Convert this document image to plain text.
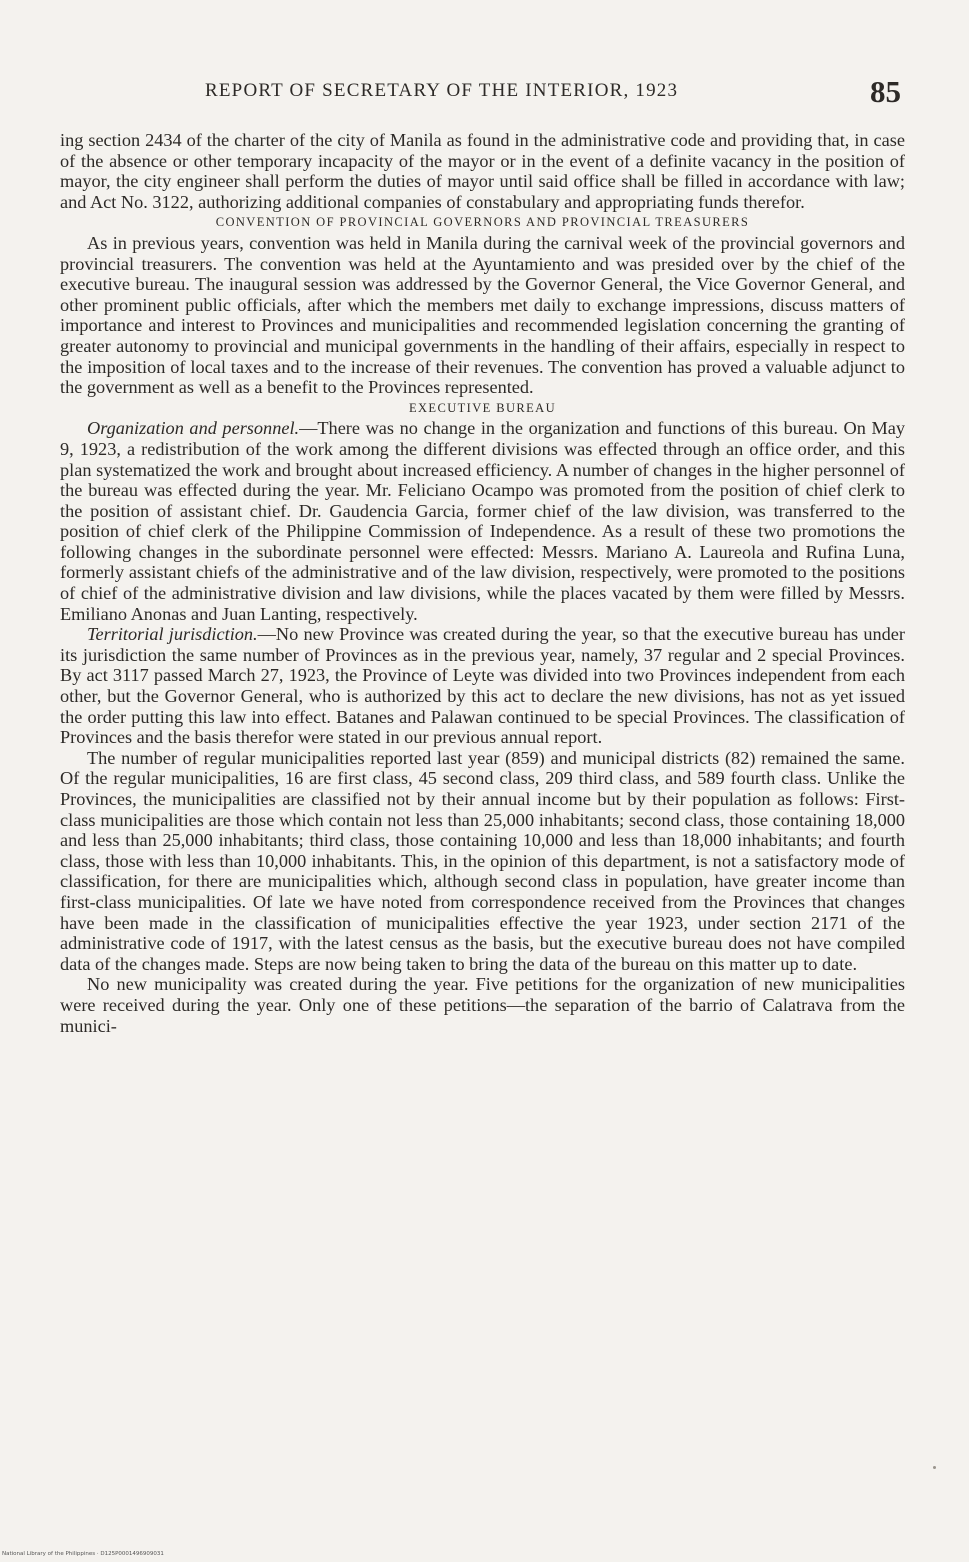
REPORT OF SECRETARY OF THE INTERIOR, 1923	85

ing section 2434 of the charter of the city of Manila as found in the administrative code and providing that, in case of the absence or other temporary incapacity of the mayor or in the event of a definite vacancy in the position of mayor, the city engineer shall perform the duties of mayor until said office shall be filled in accordance with law; and Act No. 3122, authorizing additional companies of constabulary and appropriating funds therefor.

CONVENTION OF PROVINCIAL GOVERNORS AND PROVINCIAL TREASURERS

As in previous years, convention was held in Manila during the carnival week of the provincial governors and provincial treasurers. The convention was held at the Ayuntamiento and was presided over by the chief of the executive bureau. The inaugural session was addressed by the Governor General, the Vice Governor General, and other prominent public officials, after which the members met daily to exchange impressions, discuss matters of importance and interest to Provinces and municipalities and recommended legislation concerning the granting of greater autonomy to provincial and municipal governments in the handling of their affairs, especially in respect to the imposition of local taxes and to the increase of their revenues. The convention has proved a valuable adjunct to the government as well as a benefit to the Provinces represented.

EXECUTIVE BUREAU

Organization and personnel.—There was no change in the organization and functions of this bureau. On May 9, 1923, a redistribution of the work among the different divisions was effected through an office order, and this plan systematized the work and brought about increased efficiency. A number of changes in the higher personnel of the bureau was effected during the year. Mr. Feliciano Ocampo was promoted from the position of chief clerk to the position of assistant chief. Dr. Gaudencia Garcia, former chief of the law division, was transferred to the position of chief clerk of the Philippine Commission of Independence. As a result of these two promotions the following changes in the subordinate personnel were effected: Messrs. Mariano A. Laureola and Rufina Luna, formerly assistant chiefs of the administrative and of the law division, respectively, were promoted to the positions of chief of the administrative division and law divisions, while the places vacated by them were filled by Messrs. Emiliano Anonas and Juan Lanting, respectively.

Territorial jurisdiction.—No new Province was created during the year, so that the executive bureau has under its jurisdiction the same number of Provinces as in the previous year, namely, 37 regular and 2 special Provinces. By act 3117 passed March 27, 1923, the Province of Leyte was divided into two Provinces independent from each other, but the Governor General, who is authorized by this act to declare the new divisions, has not as yet issued the order putting this law into effect. Batanes and Palawan continued to be special Provinces. The classification of Provinces and the basis therefor were stated in our previous annual report.

The number of regular municipalities reported last year (859) and municipal districts (82) remained the same. Of the regular municipalities, 16 are first class, 45 second class, 209 third class, and 589 fourth class. Unlike the Provinces, the municipalities are classified not by their annual income but by their population as follows: First-class municipalities are those which contain not less than 25,000 inhabitants; second class, those containing 18,000 and less than 25,000 inhabitants; third class, those containing 10,000 and less than 18,000 inhabitants; and fourth class, those with less than 10,000 inhabitants. This, in the opinion of this department, is not a satisfactory mode of classification, for there are municipalities which, although second class in population, have greater income than first-class municipalities. Of late we have noted from correspondence received from the Provinces that changes have been made in the classification of municipalities effective the year 1923, under section 2171 of the administrative code of 1917, with the latest census as the basis, but the executive bureau does not have compiled data of the changes made. Steps are now being taken to bring the data of the bureau on this matter up to date.

No new municipality was created during the year. Five petitions for the organization of new municipalities were received during the year. Only one of these petitions—the separation of the barrio of Calatrava from the munici-

National Library of the Philippines · D125P0001496909031
